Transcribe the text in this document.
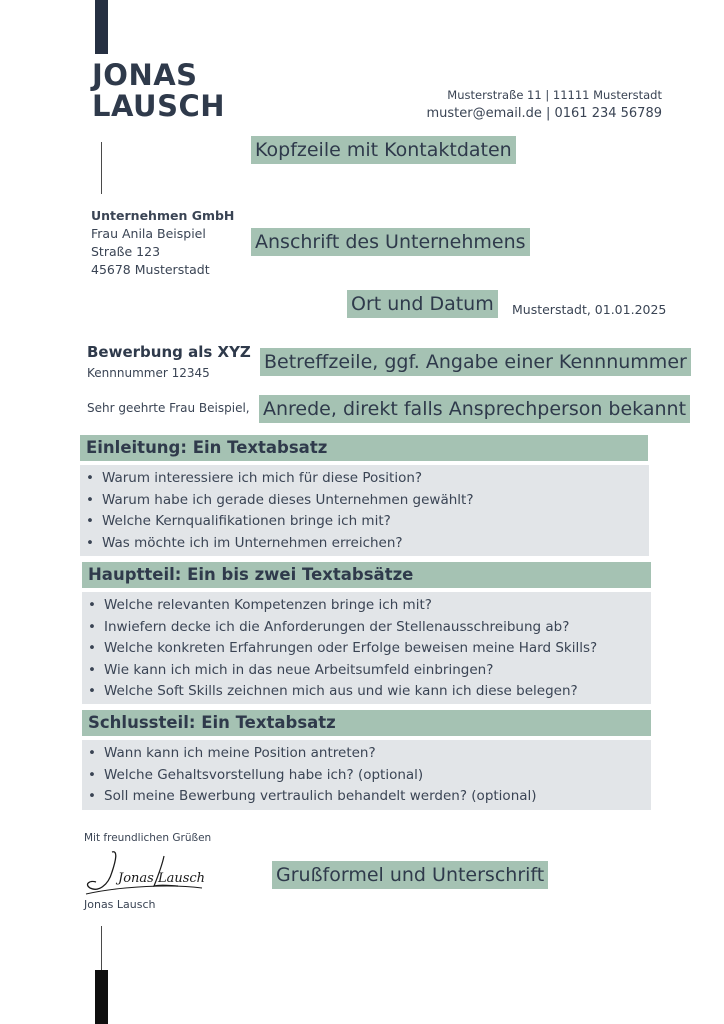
JONAS
LAUSCH	Musterstraße 11 | 11111 Musterstadt
muster@email.de | 0161 234 56789
Kopfzeile mit Kontaktdaten
Anschrift des Unternehmens
Ort und Datum
Betreffzeile, ggf. Angabe einer Kennnummer
Anrede, direkt falls Ansprechperson bekannt
Grußformel und Unterschrift
Unternehmen GmbH
Frau Anila Beispiel
Straße 123
45678 Musterstadt
Musterstadt, 01.01.2025
Bewerbung als XYZ
Kennnummer 12345
Sehr geehrte Frau Beispiel,
Einleitung: Ein Textabsatz
• Warum interessiere ich mich für diese Position?
• Warum habe ich gerade dieses Unternehmen gewählt?
• Welche Kernqualifikationen bringe ich mit?
• Was möchte ich im Unternehmen erreichen?
Hauptteil: Ein bis zwei Textabsätze
• Welche relevanten Kompetenzen bringe ich mit?
• Inwiefern decke ich die Anforderungen der Stellenausschreibung ab?
• Welche konkreten Erfahrungen oder Erfolge beweisen meine Hard Skills?
• Wie kann ich mich in das neue Arbeitsumfeld einbringen?
• Welche Soft Skills zeichnen mich aus und wie kann ich diese belegen?
Schlussteil: Ein Textabsatz
• Wann kann ich meine Position antreten?
• Welche Gehaltsvorstellung habe ich? (optional)
• Soll meine Bewerbung vertraulich behandelt werden? (optional)
Mit freundlichen Grüßen
Jonas Lausch
Jonas Lausch
